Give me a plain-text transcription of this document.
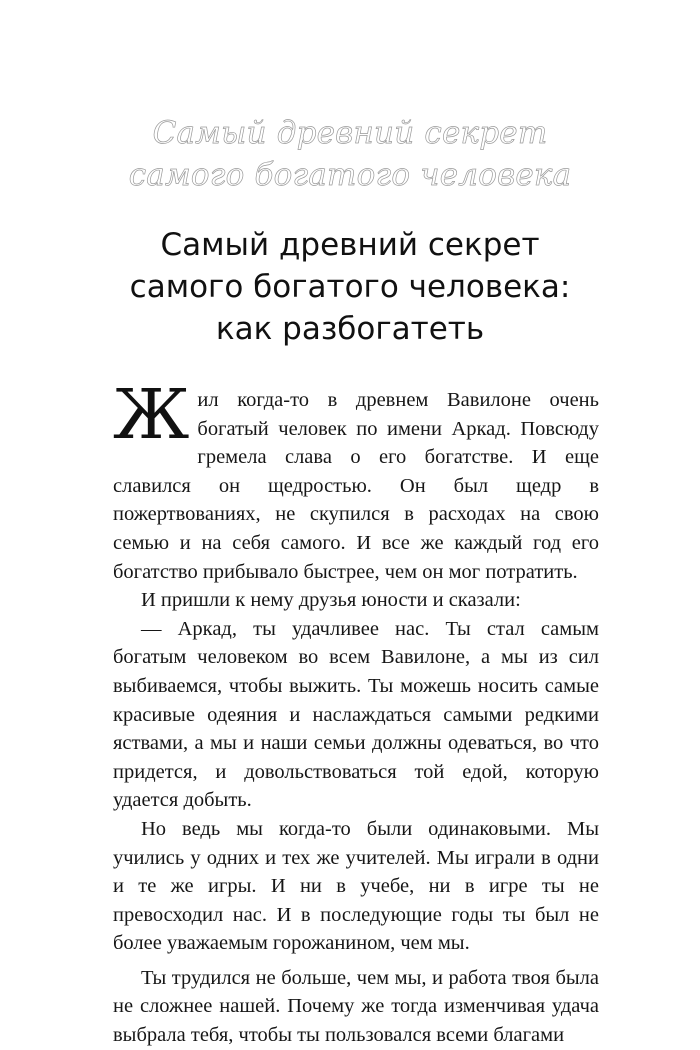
Самый древний секрет самого богатого человека
Самый древний секрет
самого богатого человека:
как разбогатеть

Жил когда-то в древнем Вавилоне очень богатый человек по имени Аркад. Повсюду гремела слава о его богатстве. И еще славился он щедростью. Он был щедр в пожертвованиях, не скупился в расходах на свою семью и на себя самого. И все же каждый год его богатство прибывало быстрее, чем он мог потратить.

И пришли к нему друзья юности и сказали:

— Аркад, ты удачливее нас. Ты стал самым богатым человеком во всем Вавилоне, а мы из сил выбиваемся, чтобы выжить. Ты можешь носить самые красивые одеяния и наслаждаться самыми редкими яствами, а мы и наши семьи должны одеваться, во что придется, и довольствоваться той едой, которую удается добыть.

Но ведь мы когда-то были одинаковыми. Мы учились у одних и тех же учителей. Мы играли в одни и те же игры. И ни в учебе, ни в игре ты не превосходил нас. И в последующие годы ты был не более уважаемым горожанином, чем мы.

Ты трудился не больше, чем мы, и работа твоя была не сложнее нашей. Почему же тогда изменчивая удача выбрала тебя, чтобы ты пользовался всеми благами
